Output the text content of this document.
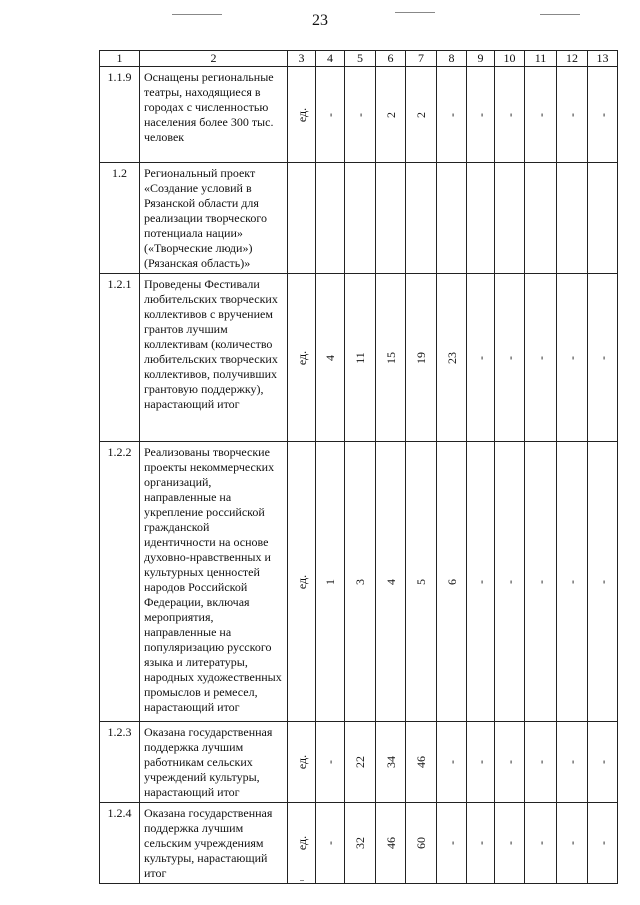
23
1	2	3	4	5	6	7	8	9	10	11	12	13
1.1.9	Оснащены региональные театры, находящиеся в городах с численностью населения более 300 тыс. человек	ед.	-	-	2	2	-	-	-	-	-	-

1.2	Региональный проект «Создание условий в Рязанской области для реализации творческого потенциала нации» («Творческие люди») (Рязанская область)»	

1.2.1	Проведены Фестивали любительских творческих коллективов с вручением грантов лучшим коллективам (количество любительских творческих коллективов, получивших грантовую поддержку), нарастающий итог	ед.	4	11	15	19	23	-	-	-	-	-

1.2.2	Реализованы творческие проекты некоммерческих организаций, направленные на укрепление российской гражданской идентичности на основе духовно-нравственных и культурных ценностей народов Российской Федерации, включая мероприятия, направленные на популяризацию русского языка и литературы, народных художественных промыслов и ремесел, нарастающий итог	ед.	1	3	4	5	6	-	-	-	-	-

1.2.3	Оказана государственная поддержка лучшим работникам сельских учреждений культуры, нарастающий итог	ед.	-	22	34	46	-	-	-	-	-	-

1.2.4	Оказана государственная поддержка лучшим сельским учреждениям культуры, нарастающий итог	ед.	-	32	46	60	-	-	-	-	-	-
